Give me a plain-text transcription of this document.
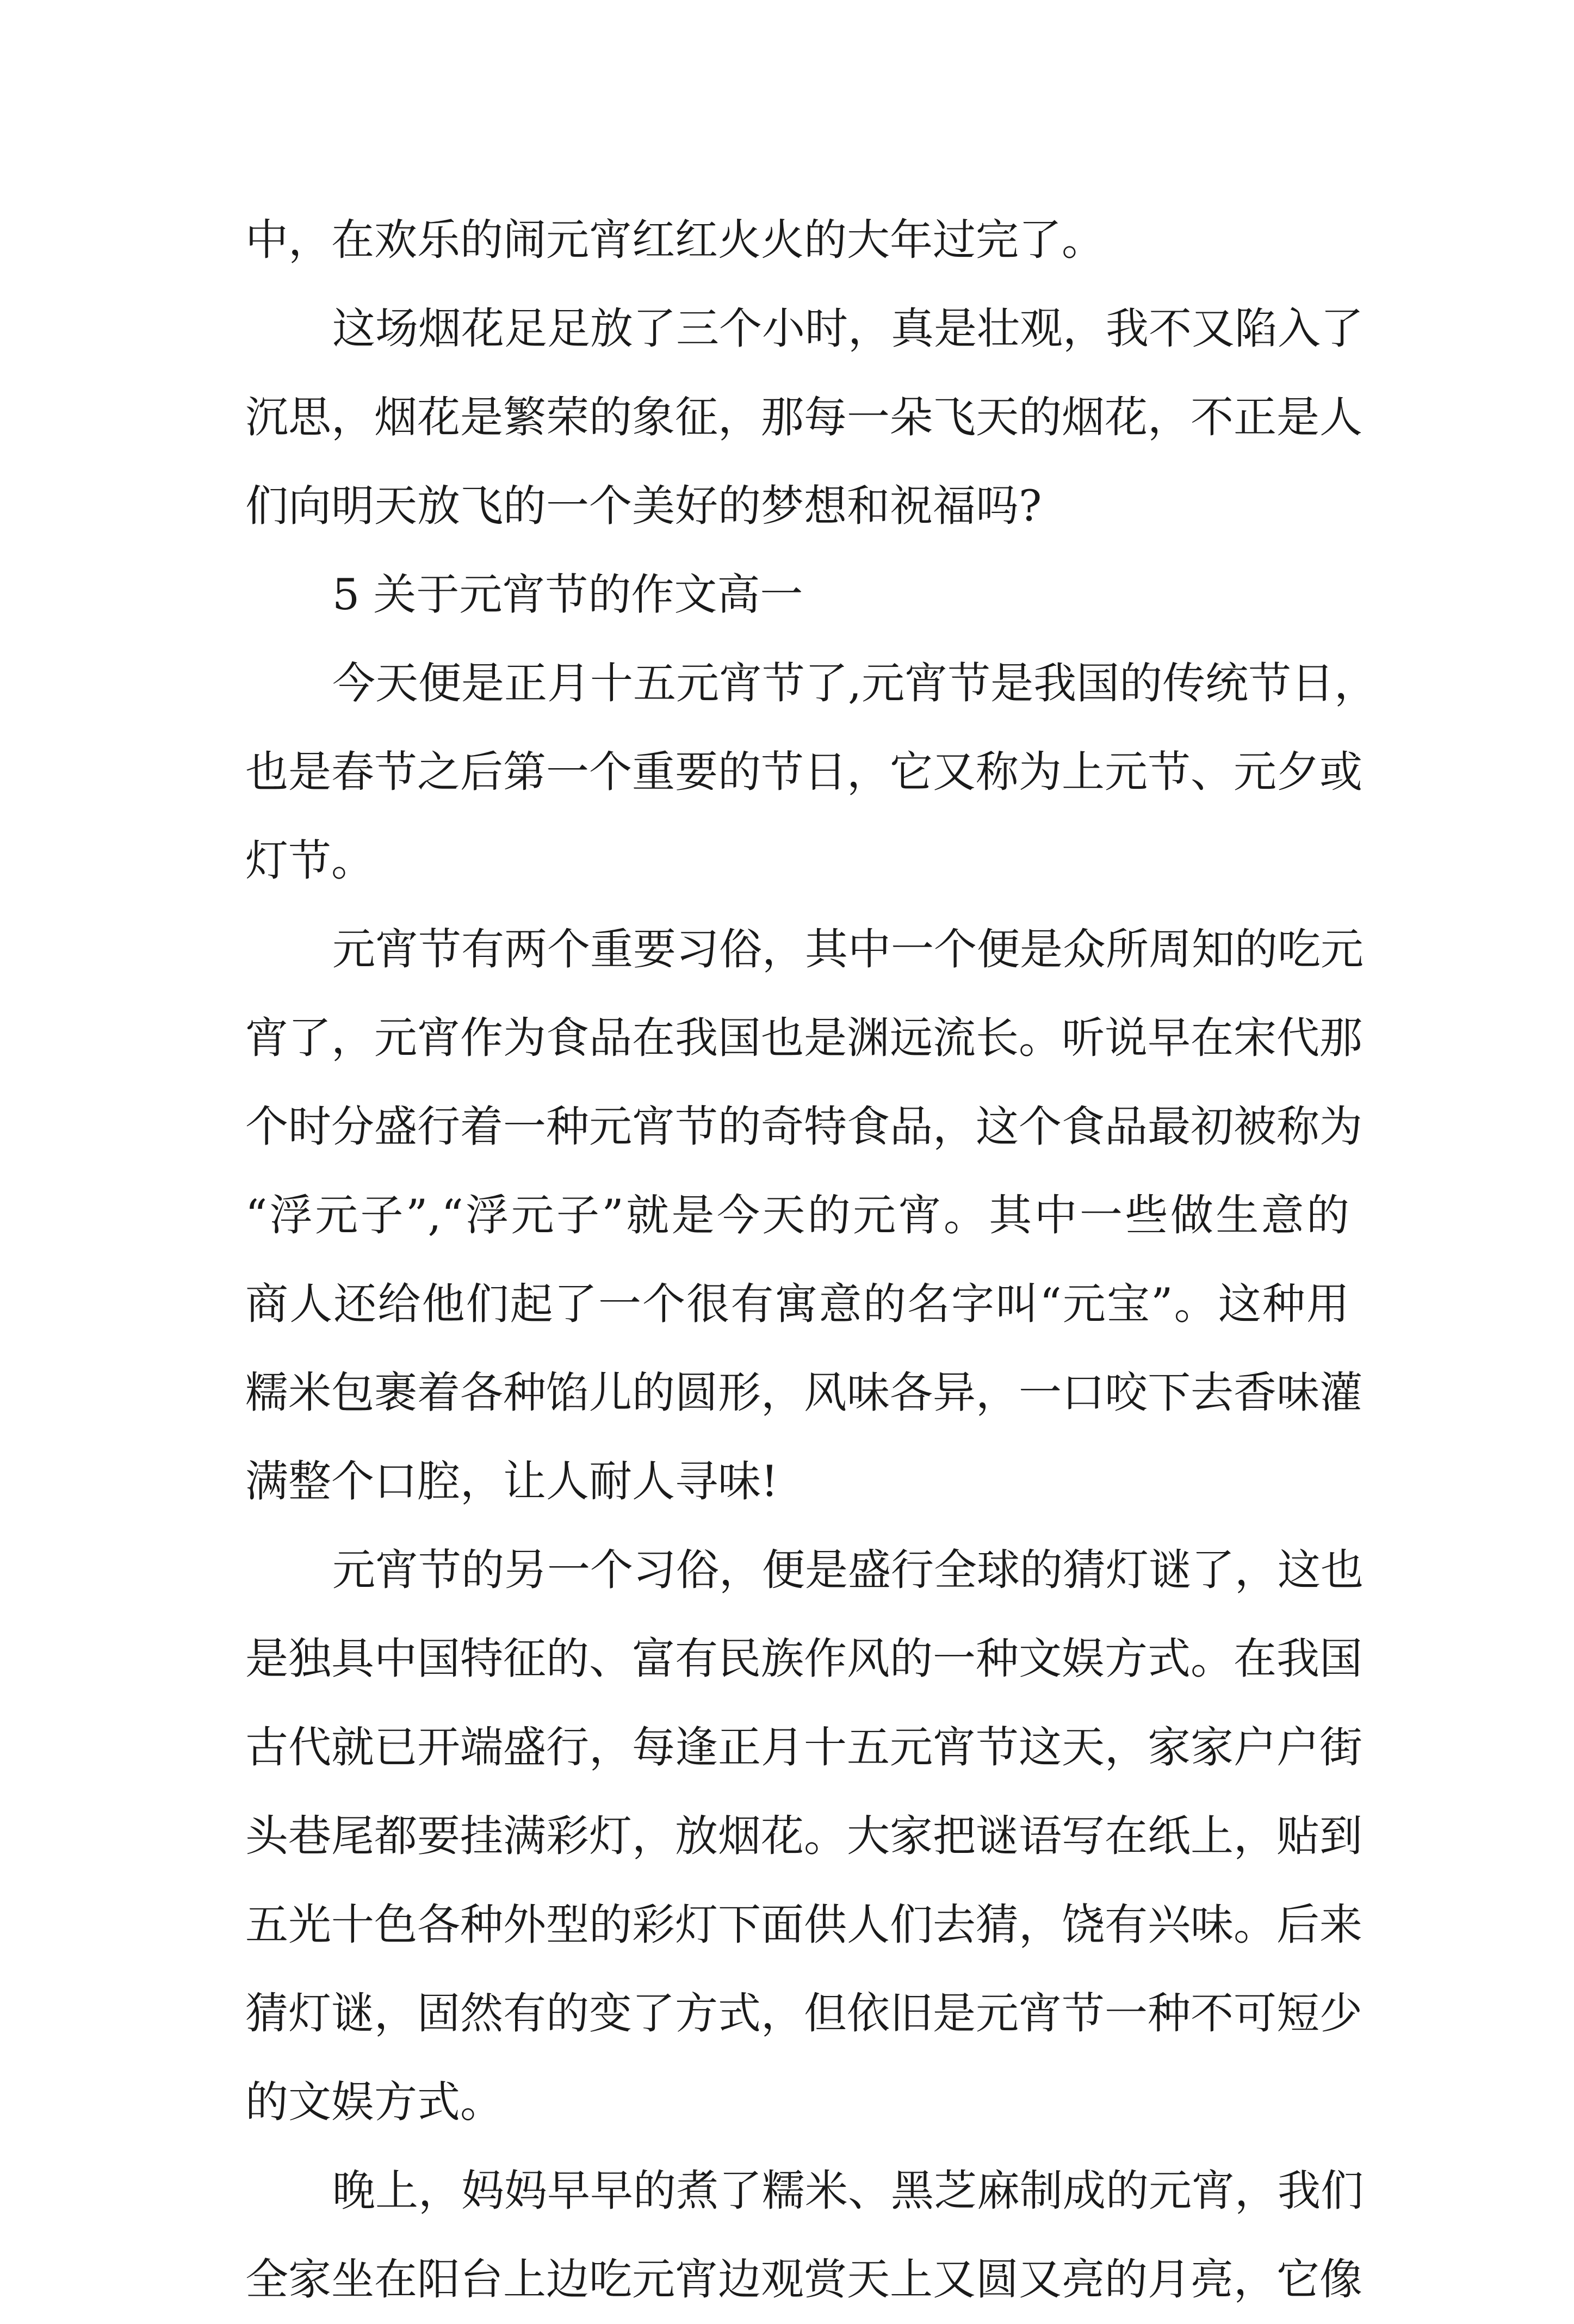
中，在欢乐的闹元宵红红火火的大年过完了。
这场烟花足足放了三个小时，真是壮观，我不又陷入了
沉思，烟花是繁荣的象征，那每一朵飞天的烟花，不正是人
们向明天放飞的一个美好的梦想和祝福吗?
5 关于元宵节的作文高一
今天便是正月十五元宵节了,元宵节是我国的传统节日，
也是春节之后第一个重要的节日，它又称为上元节、元夕或
灯节。
元宵节有两个重要习俗，其中一个便是众所周知的吃元
宵了，元宵作为食品在我国也是渊远流长。听说早在宋代那
个时分盛行着一种元宵节的奇特食品，这个食品最初被称为
“浮元子”,“浮元子”就是今天的元宵。其中一些做生意的
商人还给他们起了一个很有寓意的名字叫“元宝”。这种用
糯米包裹着各种馅儿的圆形，风味各异，一口咬下去香味灌
满整个口腔，让人耐人寻味!
元宵节的另一个习俗，便是盛行全球的猜灯谜了，这也
是独具中国特征的、富有民族作风的一种文娱方式。在我国
古代就已开端盛行，每逢正月十五元宵节这天，家家户户街
头巷尾都要挂满彩灯，放烟花。大家把谜语写在纸上，贴到
五光十色各种外型的彩灯下面供人们去猜，饶有兴味。后来
猜灯谜，固然有的变了方式，但依旧是元宵节一种不可短少
的文娱方式。
晚上，妈妈早早的煮了糯米、黑芝麻制成的元宵，我们
全家坐在阳台上边吃元宵边观赏天上又圆又亮的月亮，它像
